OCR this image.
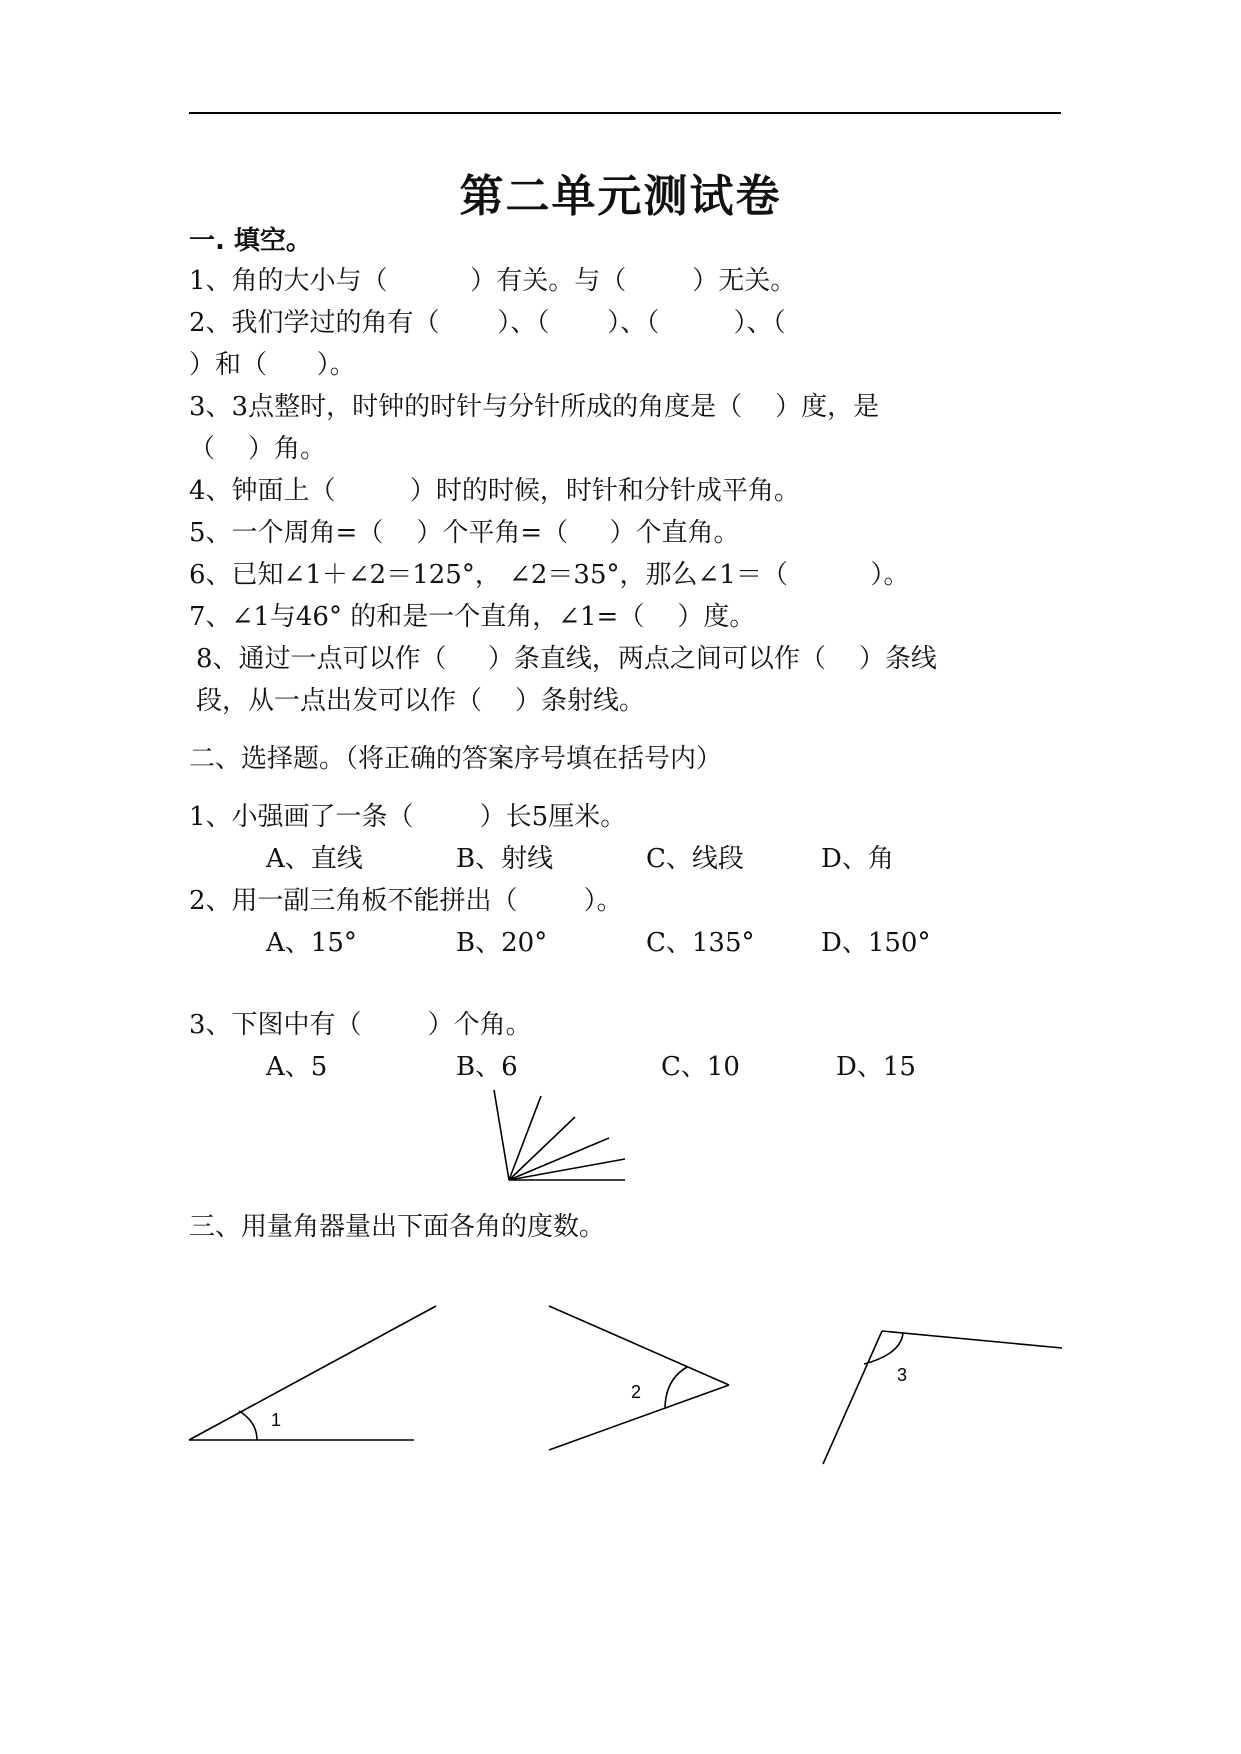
第二单元测试卷
一. 填空。
1、角的大小与（          ）有关。与（        ）无关。
2、我们学过的角有（       ）、（       ）、（         ）、（
）和（      ）。
3、3点整时，时钟的时针与分针所成的角度是（    ）度，是
（    ）角。
4、钟面上（         ）时的时候，时针和分针成平角。
5、一个周角=（    ）个平角=（     ）个直角。
6、已知∠1＋∠2＝125°， ∠2＝35°，那么∠1＝（          ）。
7、∠1与46° 的和是一个直角，∠1=（    ）度。
8、通过一点可以作（     ）条直线，两点之间可以作（    ）条线
段，从一点出发可以作（    ）条射线。
二、选择题。（将正确的答案序号填在括号内）
1、小强画了一条（        ）长5厘米。
A、直线	B、射线	C、线段	D、角
2、用一副三角板不能拼出（        ）。
A、15°	B、20°	C、135°	D、150°
3、下图中有（        ）个角。
A、5	B、6	C、10	D、15
三、用量角器量出下面各角的度数。
1
2
3
